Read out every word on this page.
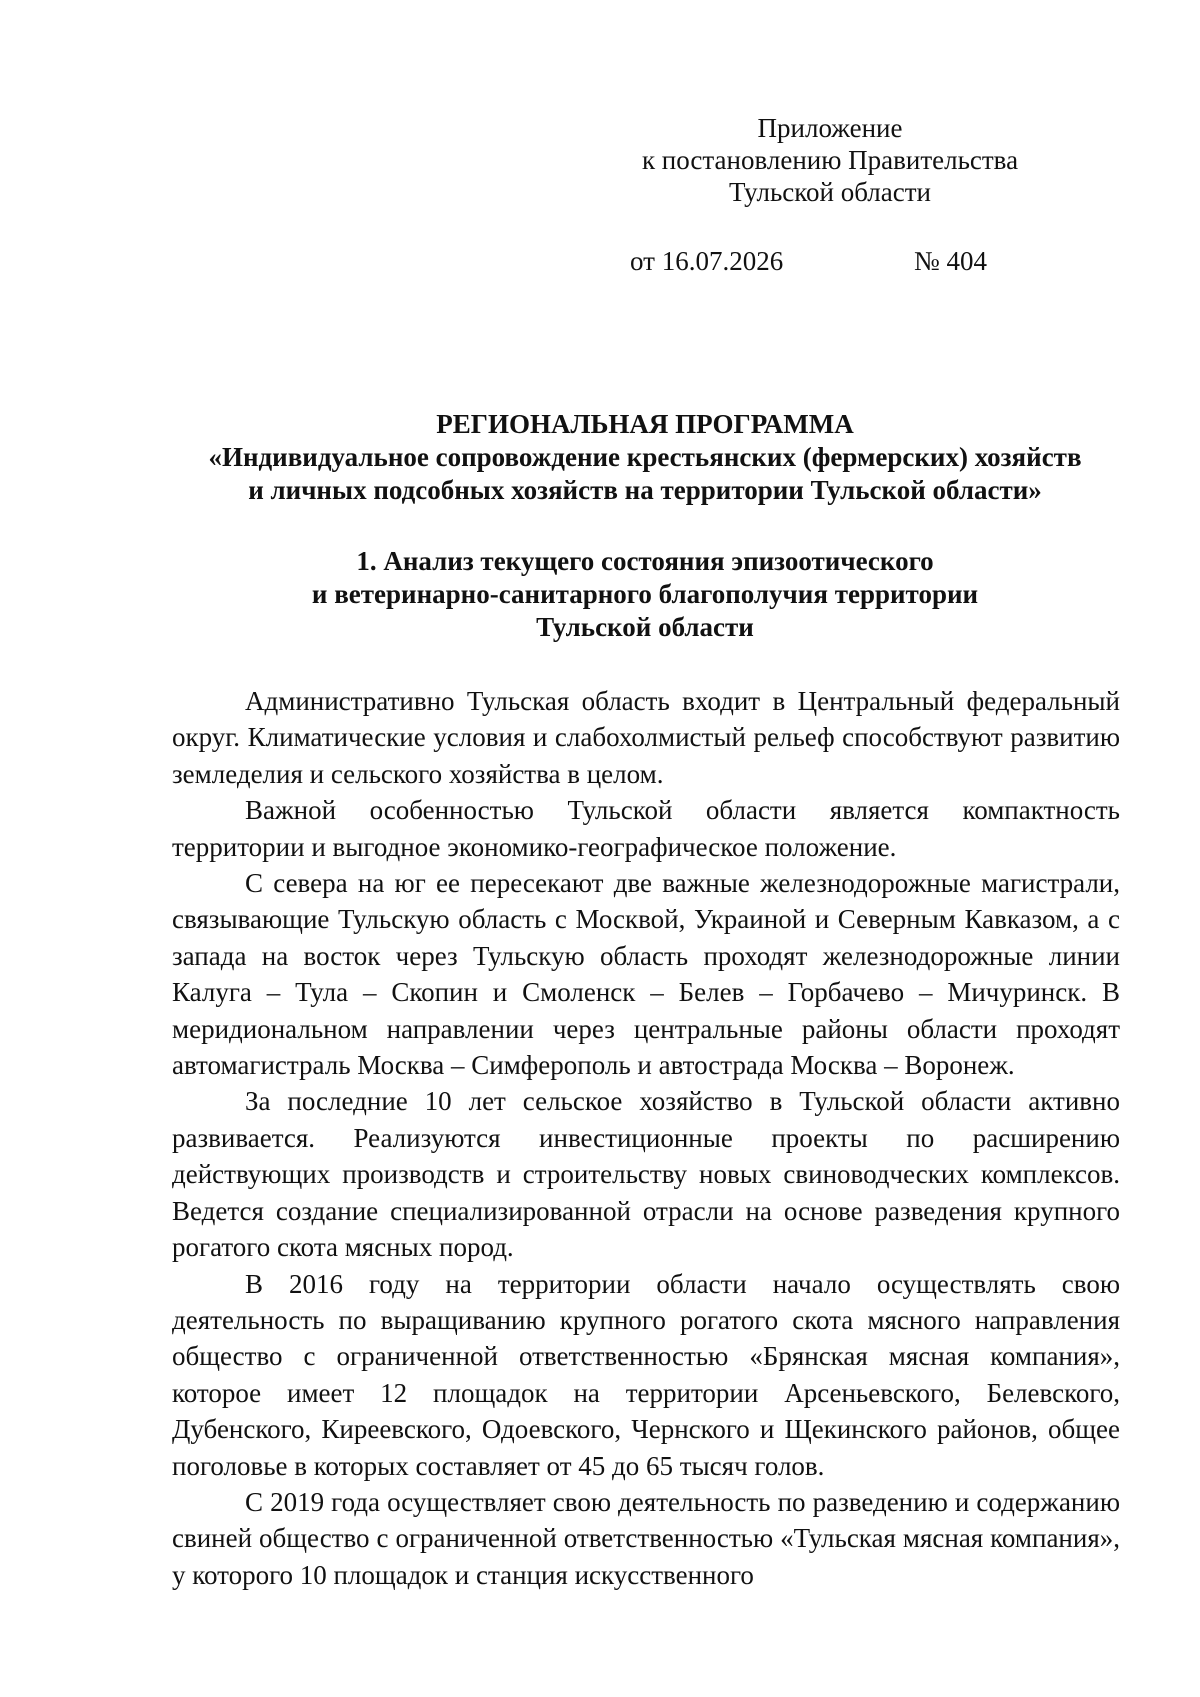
Приложение
к постановлению Правительства
Тульской области
от 16.07.2026	№ 404
РЕГИОНАЛЬНАЯ ПРОГРАММА
«Индивидуальное сопровождение крестьянских (фермерских) хозяйств
и личных подсобных хозяйств на территории Тульской области»
1. Анализ текущего состояния эпизоотического
и ветеринарно-санитарного благополучия территории
Тульской области

Административно Тульская область входит в Центральный федеральный округ. Климатические условия и слабохолмистый рельеф способствуют развитию земледелия и сельского хозяйства в целом.

Важной особенностью Тульской области является компактность территории и выгодное экономико-географическое положение.

С севера на юг ее пересекают две важные железнодорожные магистрали, связывающие Тульскую область с Москвой, Украиной и Северным Кавказом, а с запада на восток через Тульскую область проходят железнодорожные линии Калуга – Тула – Скопин и Смоленск – Белев – Горбачево – Мичуринск. В меридиональном направлении через центральные районы области проходят автомагистраль Москва – Симферополь и автострада Москва – Воронеж.

За последние 10 лет сельское хозяйство в Тульской области активно развивается. Реализуются инвестиционные проекты по расширению действующих производств и строительству новых свиноводческих комплексов. Ведется создание специализированной отрасли на основе разведения крупного рогатого скота мясных пород.

В 2016 году на территории области начало осуществлять свою деятельность по выращиванию крупного рогатого скота мясного направления общество с ограниченной ответственностью «Брянская мясная компания», которое имеет 12 площадок на территории Арсеньевского, Белевского, Дубенского, Киреевского, Одоевского, Чернского и Щекинского районов, общее поголовье в которых составляет от 45 до 65 тысяч голов.

С 2019 года осуществляет свою деятельность по разведению и содержанию свиней общество с ограниченной ответственностью «Тульская мясная компания», у которого 10 площадок и станция искусственного
